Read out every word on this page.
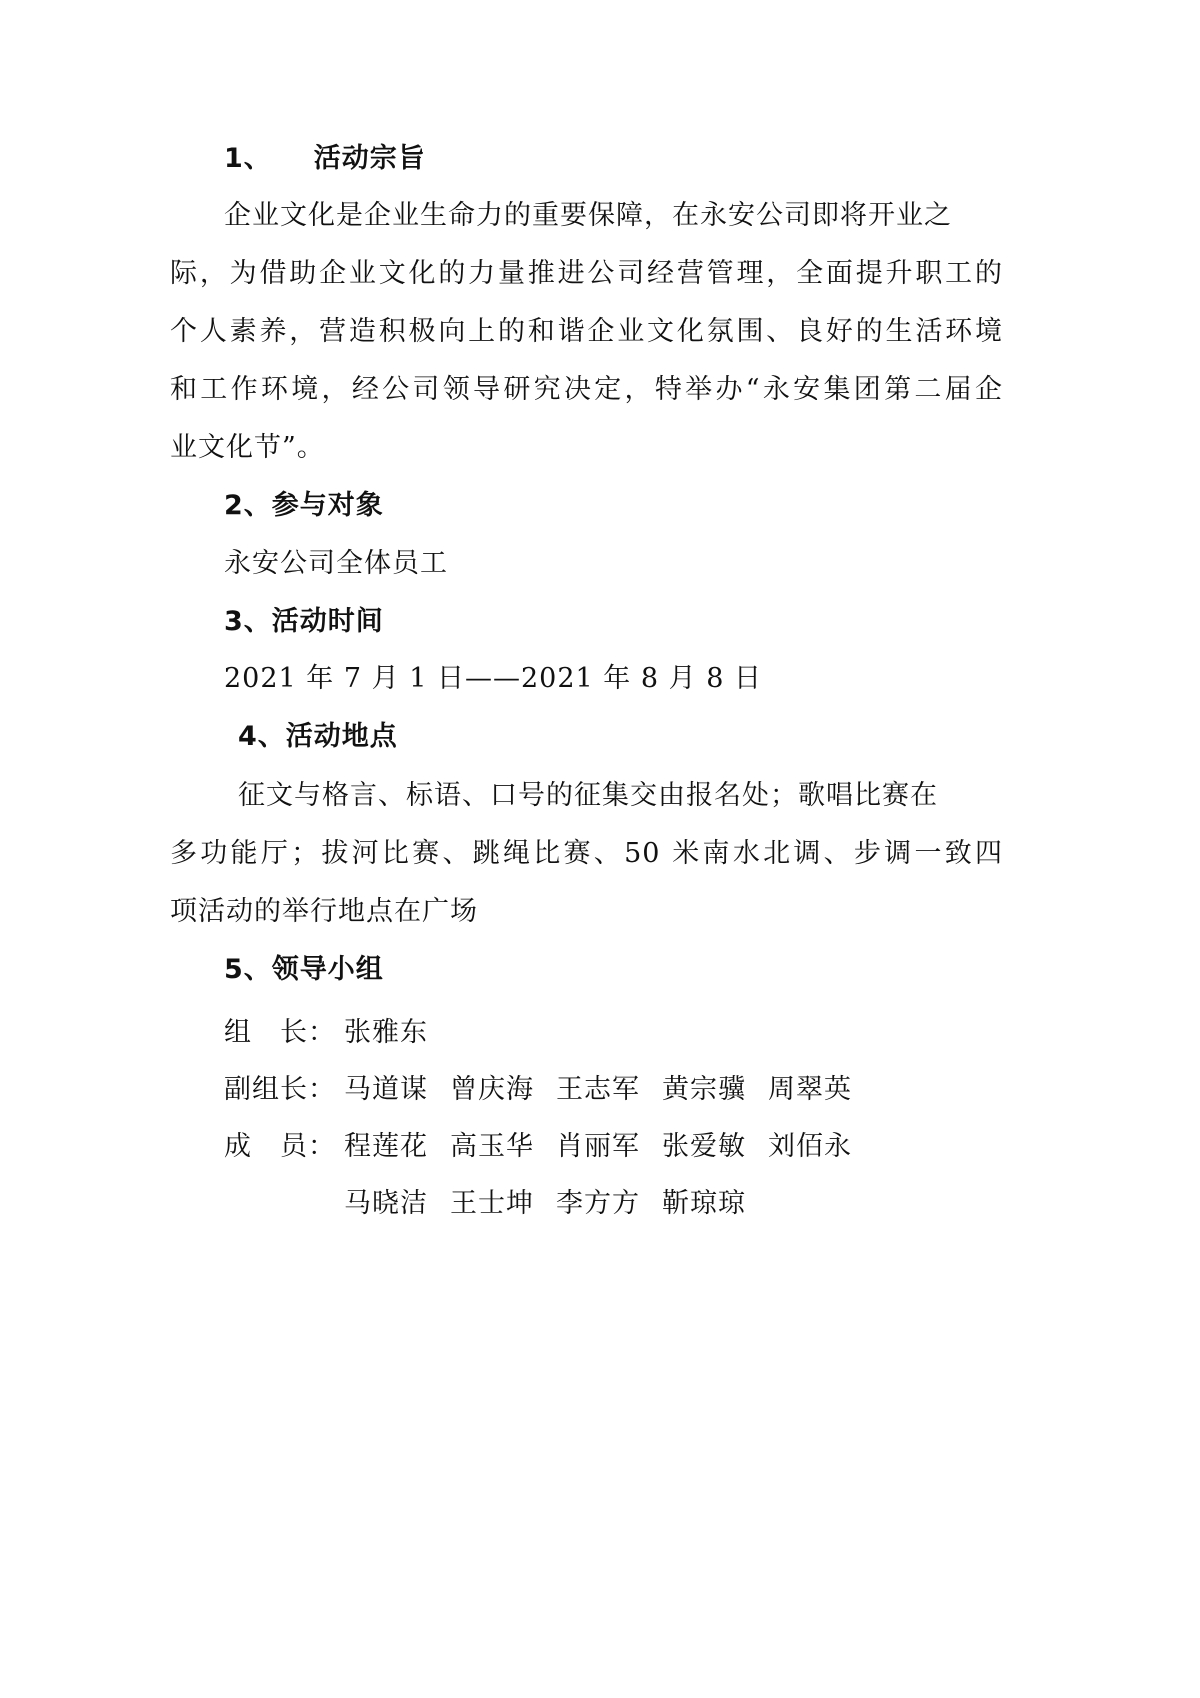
1、 活动宗旨
企业文化是企业生命力的重要保障，在永安公司即将开业之
际，为借助企业文化的力量推进公司经营管理，全面提升职工的
个人素养，营造积极向上的和谐企业文化氛围、良好的生活环境
和工作环境，经公司领导研究决定，特举办“永安集团第二届企
业文化节”。
2、参与对象
永安公司全体员工
3、活动时间
2021 年 7 月 1 日——2021 年 8 月 8 日
4、活动地点
征文与格言、标语、口号的征集交由报名处；歌唱比赛在
多功能厅；拔河比赛、跳绳比赛、50 米南水北调、步调一致四
项活动的举行地点在广场
5、领导小组
组　长： 张雅东
副组长： 马道谋 曾庆海 王志军 黄宗骥 周翠英
成　员： 程莲花 高玉华 肖丽军 张爱敏 刘佰永
马晓洁 王士坤 李方方 靳琼琼
